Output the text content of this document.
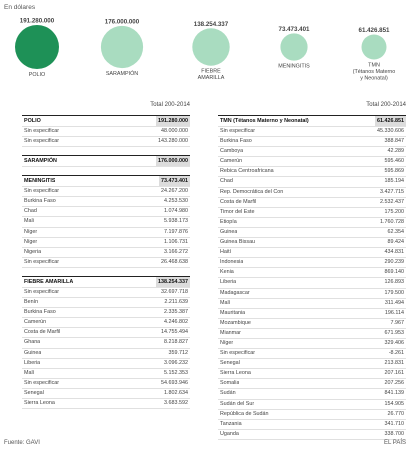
En dólares
191.280.000
POLIO
176.000.000
SARAMPIÓN
138.254.337
FIEBRE
AMARILLA
73.473.401
MENINGITIS
61.426.851
TMN
(Tétanos Materno
y Neonatal)
Total 200-2014
POLIO	191.280.000
Sin especificar	48.000.000
Sin especificar	143.280.000
SARAMPIÓN	176.000.000
MENINGITIS	73.473.401
Sin especificar	24.267.200
Burkina Faso	4.253.530
Chad	1.074.980
Mali	5.938.173
Níger	7.197.876
Níger	1.106.731
Nigeria	3.166.272
Sin especificar	26.468.638
FIEBRE AMARILLA	138.254.337
Sin especificar	32.697.718
Benín	2.211.639
Burkina Faso	2.335.387
Camerún	4.246.802
Costa de Marfil	14.755.494
Ghana	8.218.827
Guinea	359.712
Liberia	3.096.232
Malí	5.152.353
Sin especificar	54.693.946
Senegal	1.802.634
Sierra Leona	3.683.592
Total 200-2014
TMN (Tétanos Materno y Neonatal)	61.426.851
Sin especificar	45.330.606
Burkina Faso	388.847
Camboya	42.289
Camerún	595.460
Rebica Centroafricana	595.869
Chad	185.194
Rep. Democrática del Con	3.427.715
Costa de Marfil	2.532.437
Timor del Este	175.200
Etiopía	1.760.728
Guinea	62.354
Guinea Bissau	89.424
Haití	434.831
Indonesia	290.239
Kenia	869.140
Liberia	126.893
Madagascar	179.500
Malí	311.494
Mauritania	196.114
Mozambique	7.967
Mianmar	671.953
Níger	329.406
Sin especificar	-8.261
Senegal	213.831
Sierra Leona	207.161
Somalia	207.256
Sudán	841.139
Sudán del Sur	154.905
República de Sudán	26.770
Tanzania	341.710
Uganda	338.700
Fuente: GAVI	EL PAÍS
